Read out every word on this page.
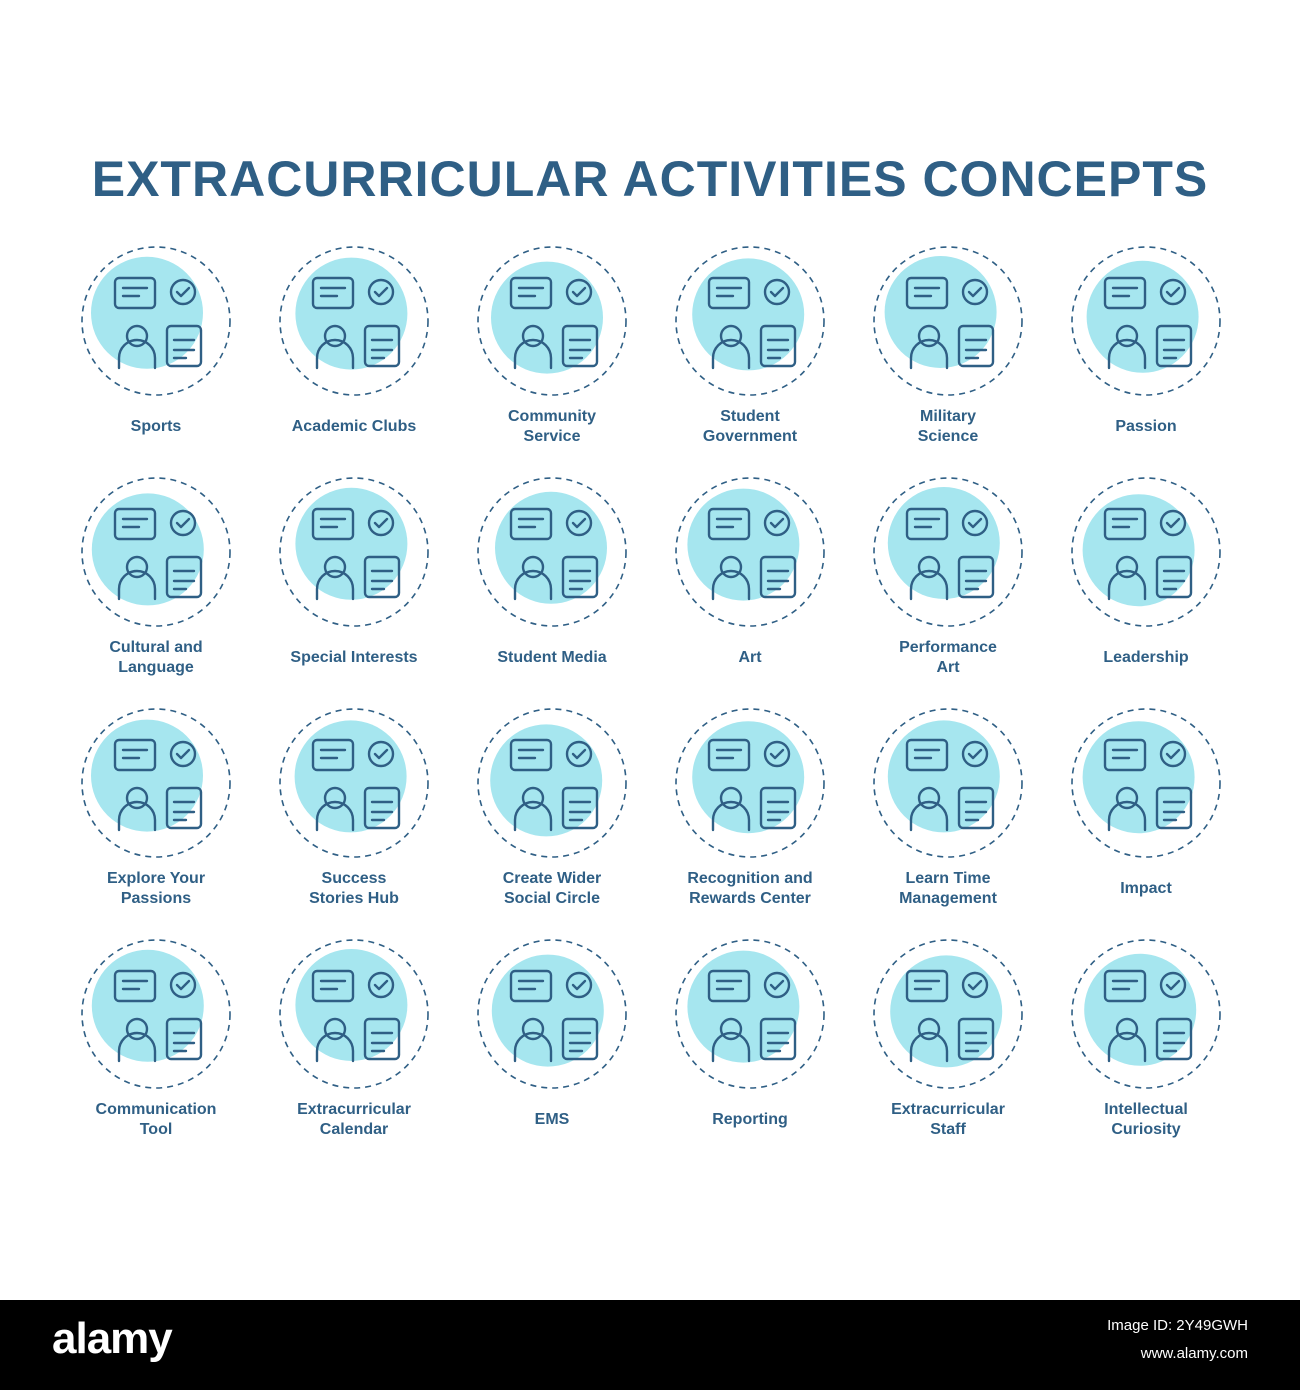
EXTRACURRICULAR ACTIVITIES CONCEPTS
Sports	Academic Clubs
Community
Service
Student
Government
Military
Science
Passion
Cultural and
Language
Special Interests	Student Media	Art
Performance
Art
Leadership
Explore Your
Passions
Success
Stories Hub
Create Wider
Social Circle
Recognition and
Rewards Center
Learn Time
Management
Impact
Communication
Tool
Extracurricular
Calendar
EMS	Reporting
Extracurricular
Staff
Intellectual
Curiosity
alamy	Image ID: 2Y49GWH
www.alamy.com
